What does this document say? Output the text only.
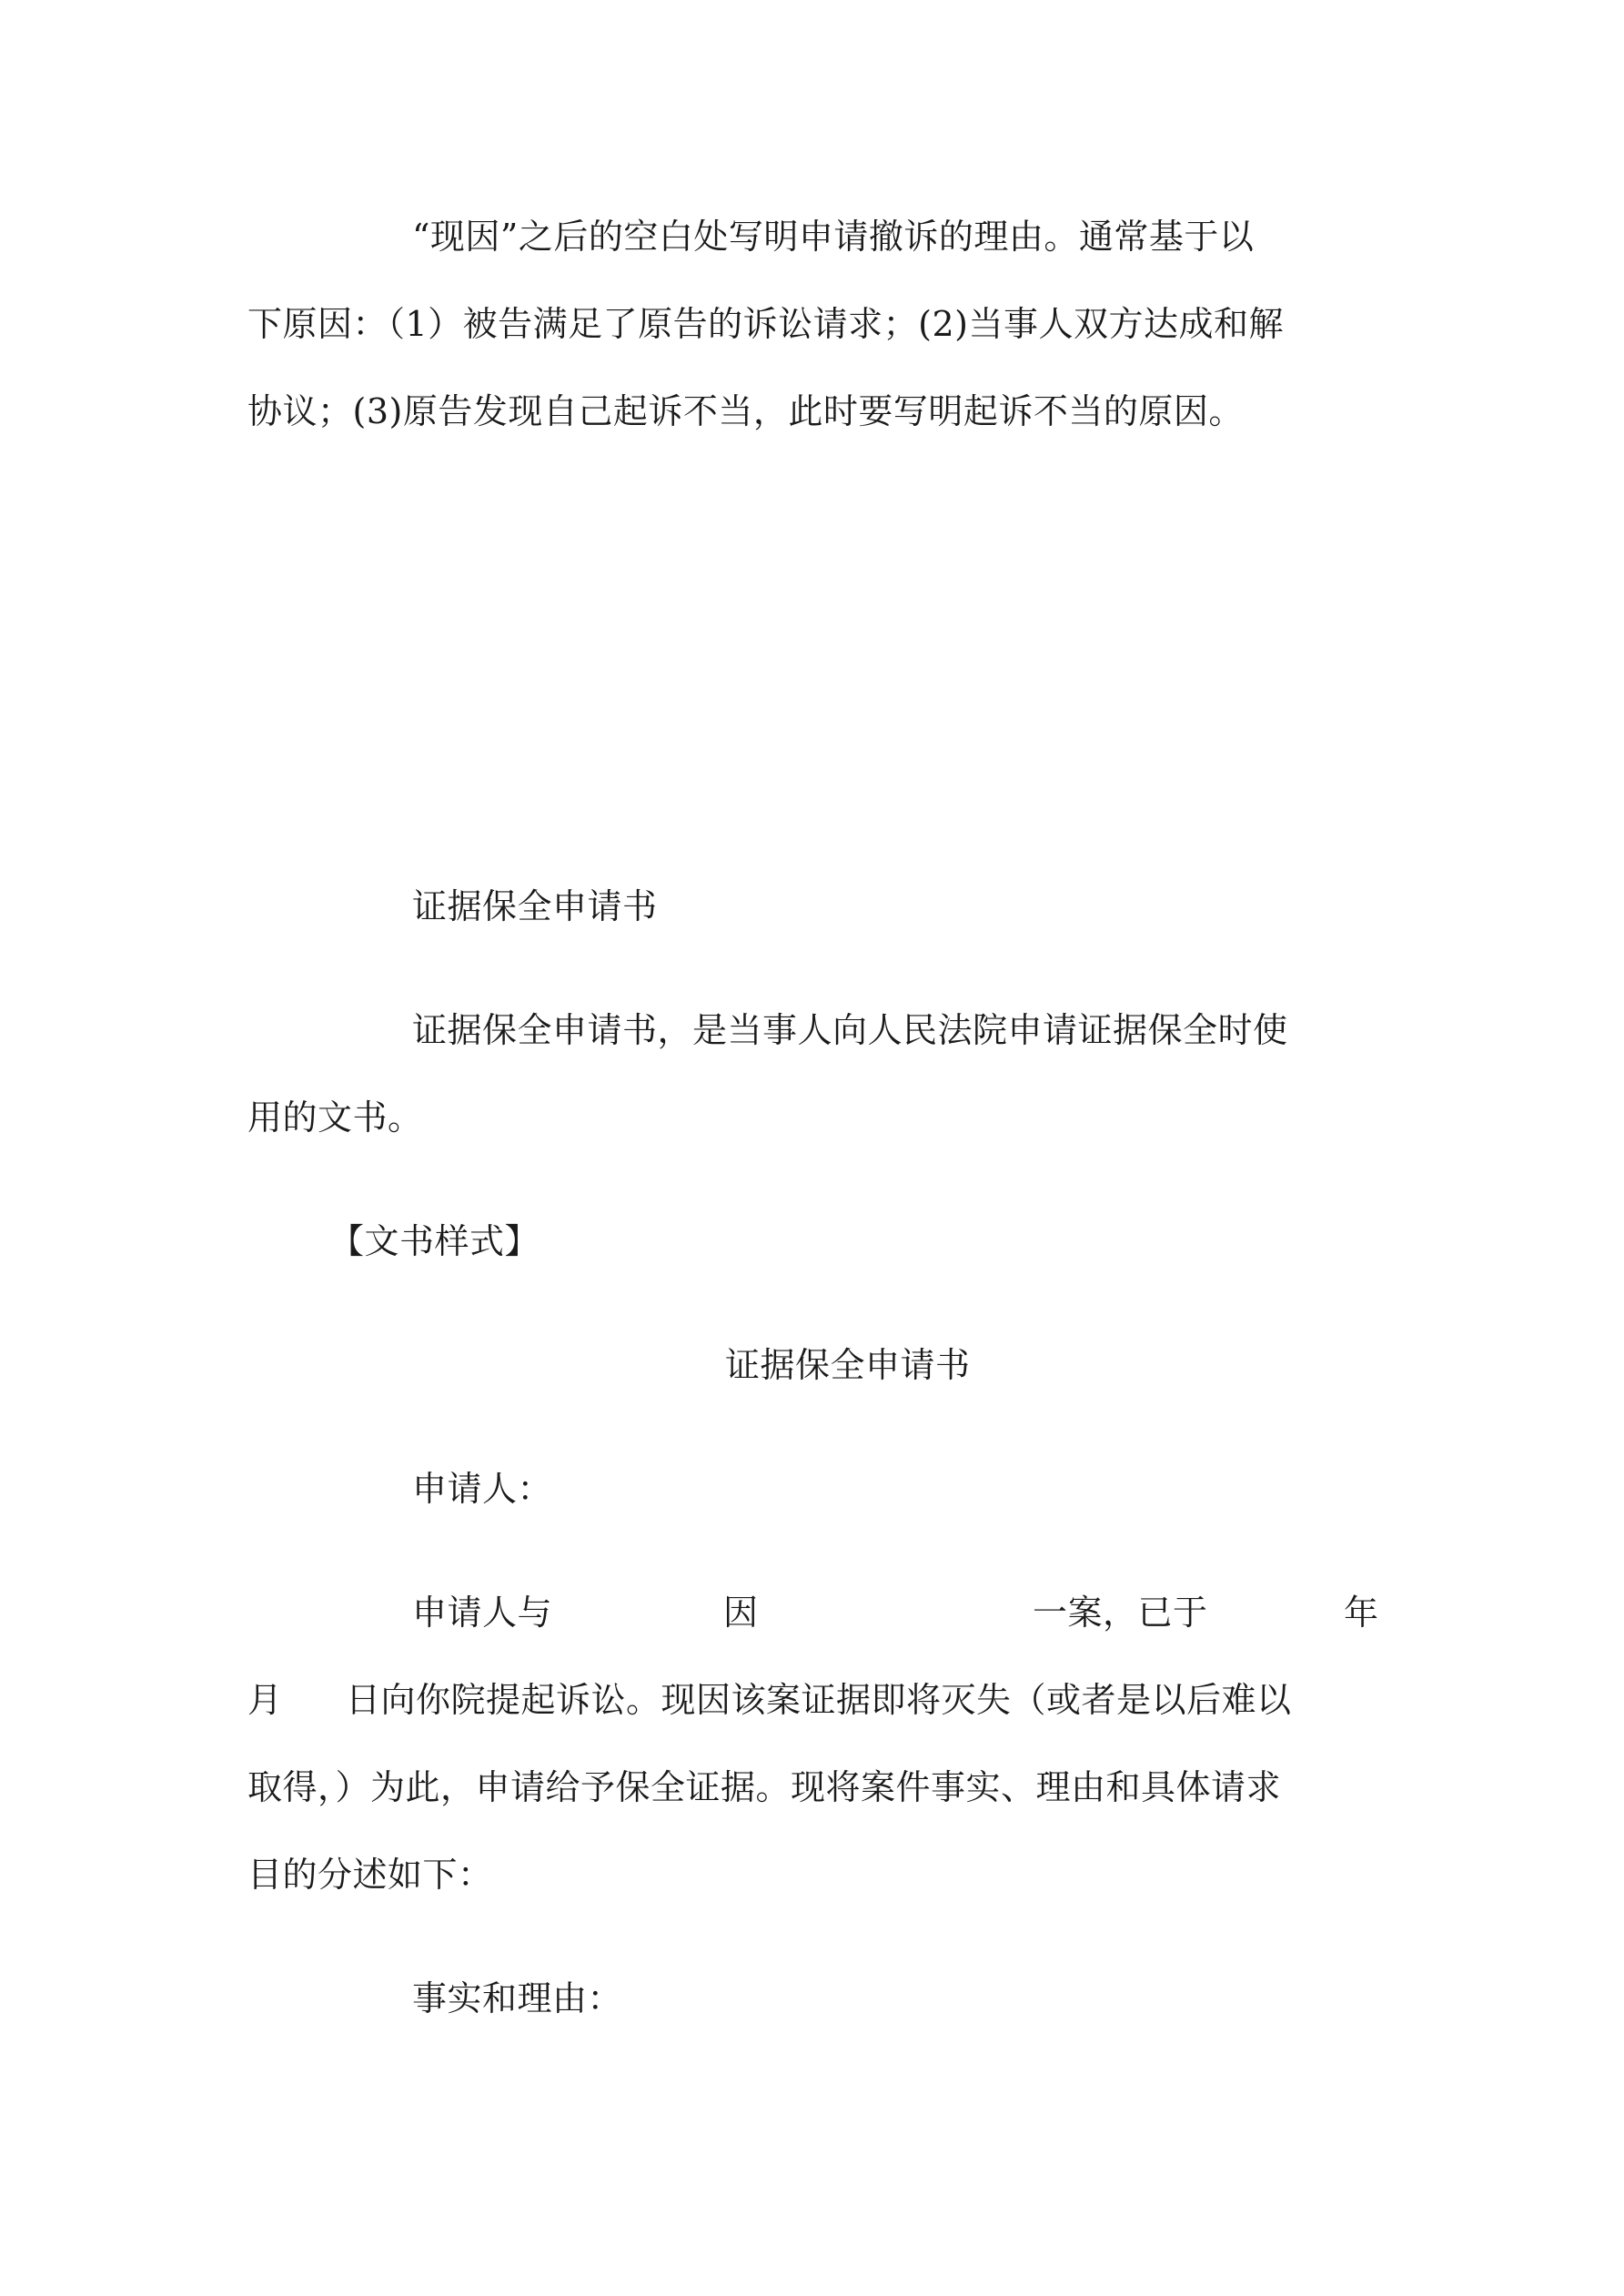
“现因”之后的空白处写明申请撤诉的理由。通常基于以
下原因：（1）被告满足了原告的诉讼请求；(2)当事人双方达成和解
协议；(3)原告发现自己起诉不当，此时要写明起诉不当的原因。
证据保全申请书
证据保全申请书，是当事人向人民法院申请证据保全时使
用的文书。
【文书样式】
证据保全申请书
申请人：
申请人与	因	一案，已于	年
月 日向你院提起诉讼。现因该案证据即将灭失（或者是以后难以
取得，）为此，申请给予保全证据。现将案件事实、理由和具体请求
目的分述如下：
事实和理由：
